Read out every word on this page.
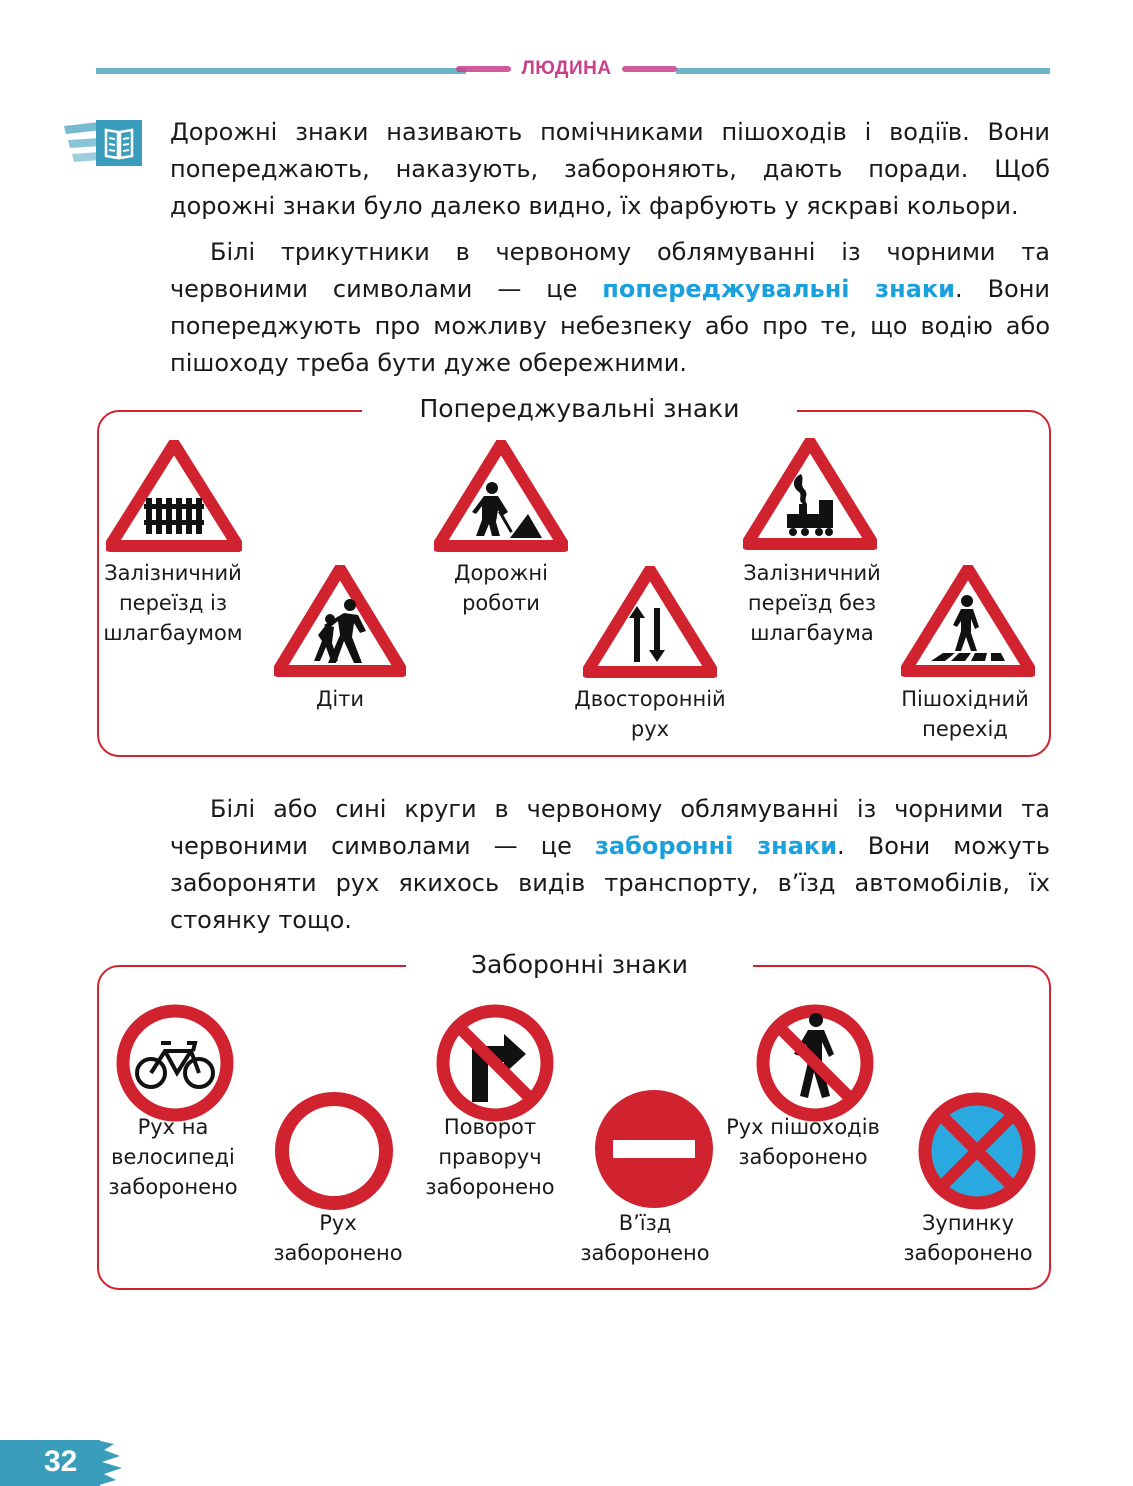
ЛЮДИНА

Дорожні знаки називають помічниками пішоходів і водіїв. Вони попереджають, наказують, забороняють, дають поради. Щоб дорожні знаки було далеко видно, їх фарбують у яскраві кольори.

Білі трикутники в червоному облямуванні із чорними та червоними символами — це попереджувальні знаки. Вони попереджують про можливу небезпеку або про те, що водію або пішоходу треба бути дуже обережними.

Попереджувальні знаки
Залізничний переїзд із шлагбаумом
Діти
Дорожні роботи
Двосторонній рух
Залізничний переїзд без шлагбаума
Пішохідний перехід

Білі або сині круги в червоному облямуванні із чорними та червоними символами — це заборонні знаки. Вони можуть забороняти рух якихось видів транспорту, в’їзд автомобілів, їх стоянку тощо.

Заборонні знаки
Рух на велосипеді заборонено
Рух заборонено
Поворот праворуч заборонено
В’їзд заборонено
Рух пішоходів заборонено
Зупинку заборонено
32
